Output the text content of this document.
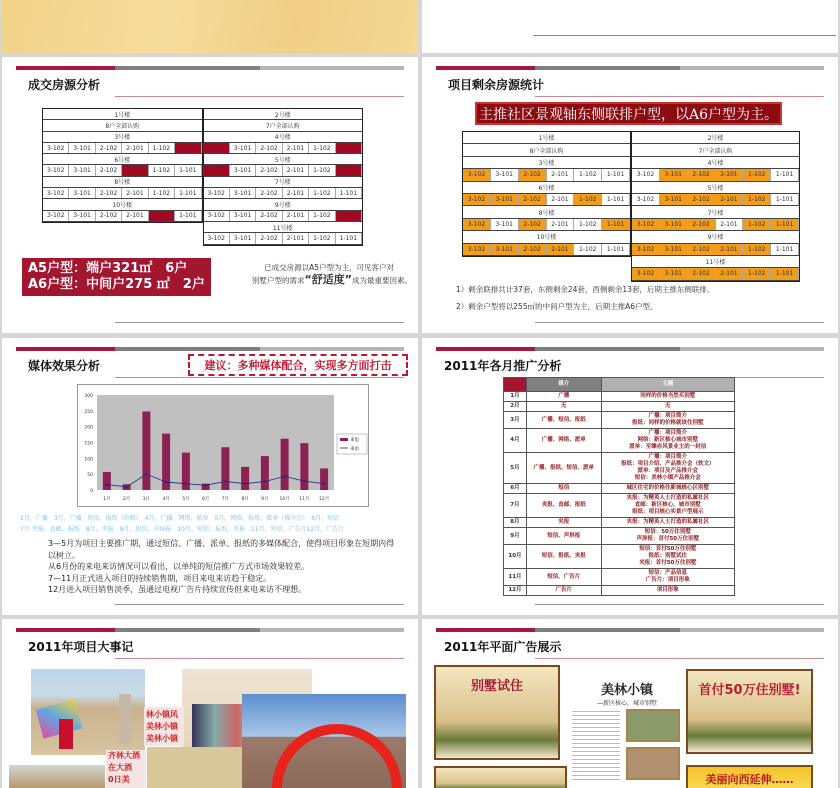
成交房源分析
1号楼
8户全部认购
3号楼
3-102	3-101	2-102	2-101	1-102	1-101
6号楼
3-102	3-101	2-102	2-101	1-102	1-101
8号楼
3-102	3-101	2-102	2-101	1-102	1-101
10号楼
3-102	3-101	2-102	2-101	1-102	1-101
2号楼
7户全部认购
4号楼
3-102	3-101	2-102	2-101	1-102	1-101
5号楼
3-102	3-101	2-102	2-101	1-102	1-101
7号楼
3-102	3-101	2-102	2-101	1-102	1-101
9号楼
3-102	3-101	2-102	2-101	1-102	1-101
11号楼
3-102	3-101	2-102	2-101	1-102	1-101
A5户型：端户321㎡　6户
A6户型：中间户275 ㎡　2户
已成交房源以A5户型为主，可见客户对
别墅户型的需求“舒适度”成为最重要因素。
项目剩余房源统计
主推社区景观轴东侧联排户型，以A6户型为主。
1号楼
8户全部认购
3号楼
3-102	3-101	2-102	2-101	1-102	1-101
6号楼
3-102	3-101	2-102	2-101	1-102	1-101
8号楼
3-102	3-101	2-102	2-101	1-102	1-101
10号楼
3-102	3-101	2-102	2-101	1-102	1-101
2号楼
7户全部认购
4号楼
3-102	3-101	2-102	2-101	1-102	1-101
5号楼
3-102	3-101	2-102	2-101	1-102	1-101
7号楼
3-102	3-101	2-102	2-101	1-102	1-101
9号楼
3-102	3-101	2-102	2-101	1-102	1-101
11号楼
3-102	3-101	2-102	2-101	1-102	1-101
1）剩余联排共计37套，东侧剩余24套，西侧剩余13套，后期主推东侧联排。
2）剩余户型将以255㎡的中间户型为主，后期主推A6户型。
媒体效果分析	建议：多种媒体配合，实现多方面打击
0
50
100
150
200
250
300
1月	2月	3月	4月	5月	6月	7月	8月	9月 10月 11月 12月
来电
来访
1月，广播　3月，广播、短信、报纸（价格）　4月，广播、网络、派单　5月，网络、报纸、派单（推介会）　6月，短信
7月 夹报、直邮、报纸　8月，夹报　9月，短信、声屏报　10月，短信、报纸、夹报　11月，短信、广告片12月，广告片
3—5月为项目主要推广期，通过短信、广播、派单、报纸的多媒体配合，使得项目形象在短期内得以树立。
从6月份的来电来访情况可以看出，以单纯的短信推广方式市场效果较差。
7—11月正式进入项目的持续销售期，项目来电来访趋于稳定。
12月进入项目销售淡季，虽通过电视广告片持续宣传但来电来访不理想。
2011年各月推广分析
月份	媒介	主题
1月	广播	同样的价格当然买别墅
2月	无	无
3月	广播、短信、报纸	广播：项目简介
报纸：同样的价格就该住别墅
4月	广播、网络、派单	广播：项目简介
网络：新区核心城市别墅
派单：至臻赤风景业主的一封信
5月	广播、报纸、短信、派单	广播：项目简介
报纸：项目介绍、产品推介会（软文）
派单：项目及产品推介会
短信：美林小镇产品推介会
6月	短信	城区住宅的价格住新城核心区别墅
7月	夹报、直邮、报纸	夹报：为精英人士打造的私属社区
直邮：新区核心，城市别墅
报纸：项目核心实景户型展示
8月	夹报	夹报：为精英人士打造的私属社区
9月	短信、声屏报	短信：50万住别墅
声屏报：首付50万住别墅
10月	短信、报纸、夹报	短信：首付50万住别墅
报纸：别墅试住
夹报：首付50万住别墅
11月	短信、广告片	短信：产品信息
广告片：项目形象
12月	广告片	项目形象
2011年项目大事记
林小镇风
美林小镇
美林小镇
齐林大酒
在大酒
0日美
2011年平面广告展示
别墅试住	美林小镇
—新区核心，城市别墅
首付50万住别墅!
美丽向西延伸……
